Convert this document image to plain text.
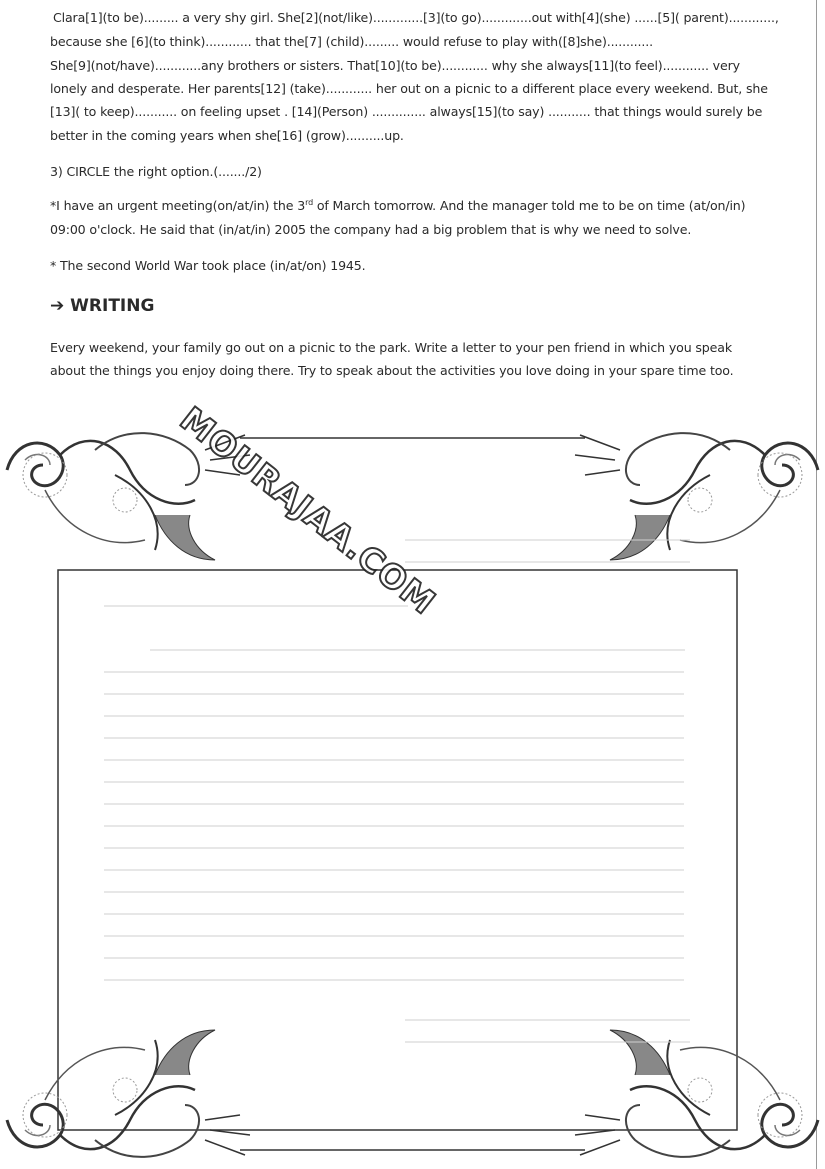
Clara[1](to be)......... a very shy girl. She[2](not/like).............[3](to go).............out with[4](she) ......[5]( parent)............,
because she [6](to think)............ that the[7] (child)......... would refuse to play with([8]she)............
She[9](not/have)............any brothers or sisters. That[10](to be)............ why she always[11](to feel)............ very
lonely and desperate. Her parents[12] (take)............ her out on a picnic to a different place every weekend. But, she
[13]( to keep)........... on feeling upset . [14](Person) .............. always[15](to say) ........... that things would surely be
better in the coming years when she[16] (grow)..........up.
3) CIRCLE the right option.(......./2)
*I have an urgent meeting(on/at/in) the 3rd of March tomorrow. And the manager told me to be on time (at/on/in)
09:00 o'clock. He said that (in/at/in) 2005 the company had a big problem that is why we need to solve.
* The second World War took place (in/at/on) 1945.
➔ WRITING
Every weekend, your family go out on a picnic to the park. Write a letter to your pen friend in which you speak
about the things you enjoy doing there. Try to speak about the activities you love doing in your spare time too.
MOURAJAA.COM
